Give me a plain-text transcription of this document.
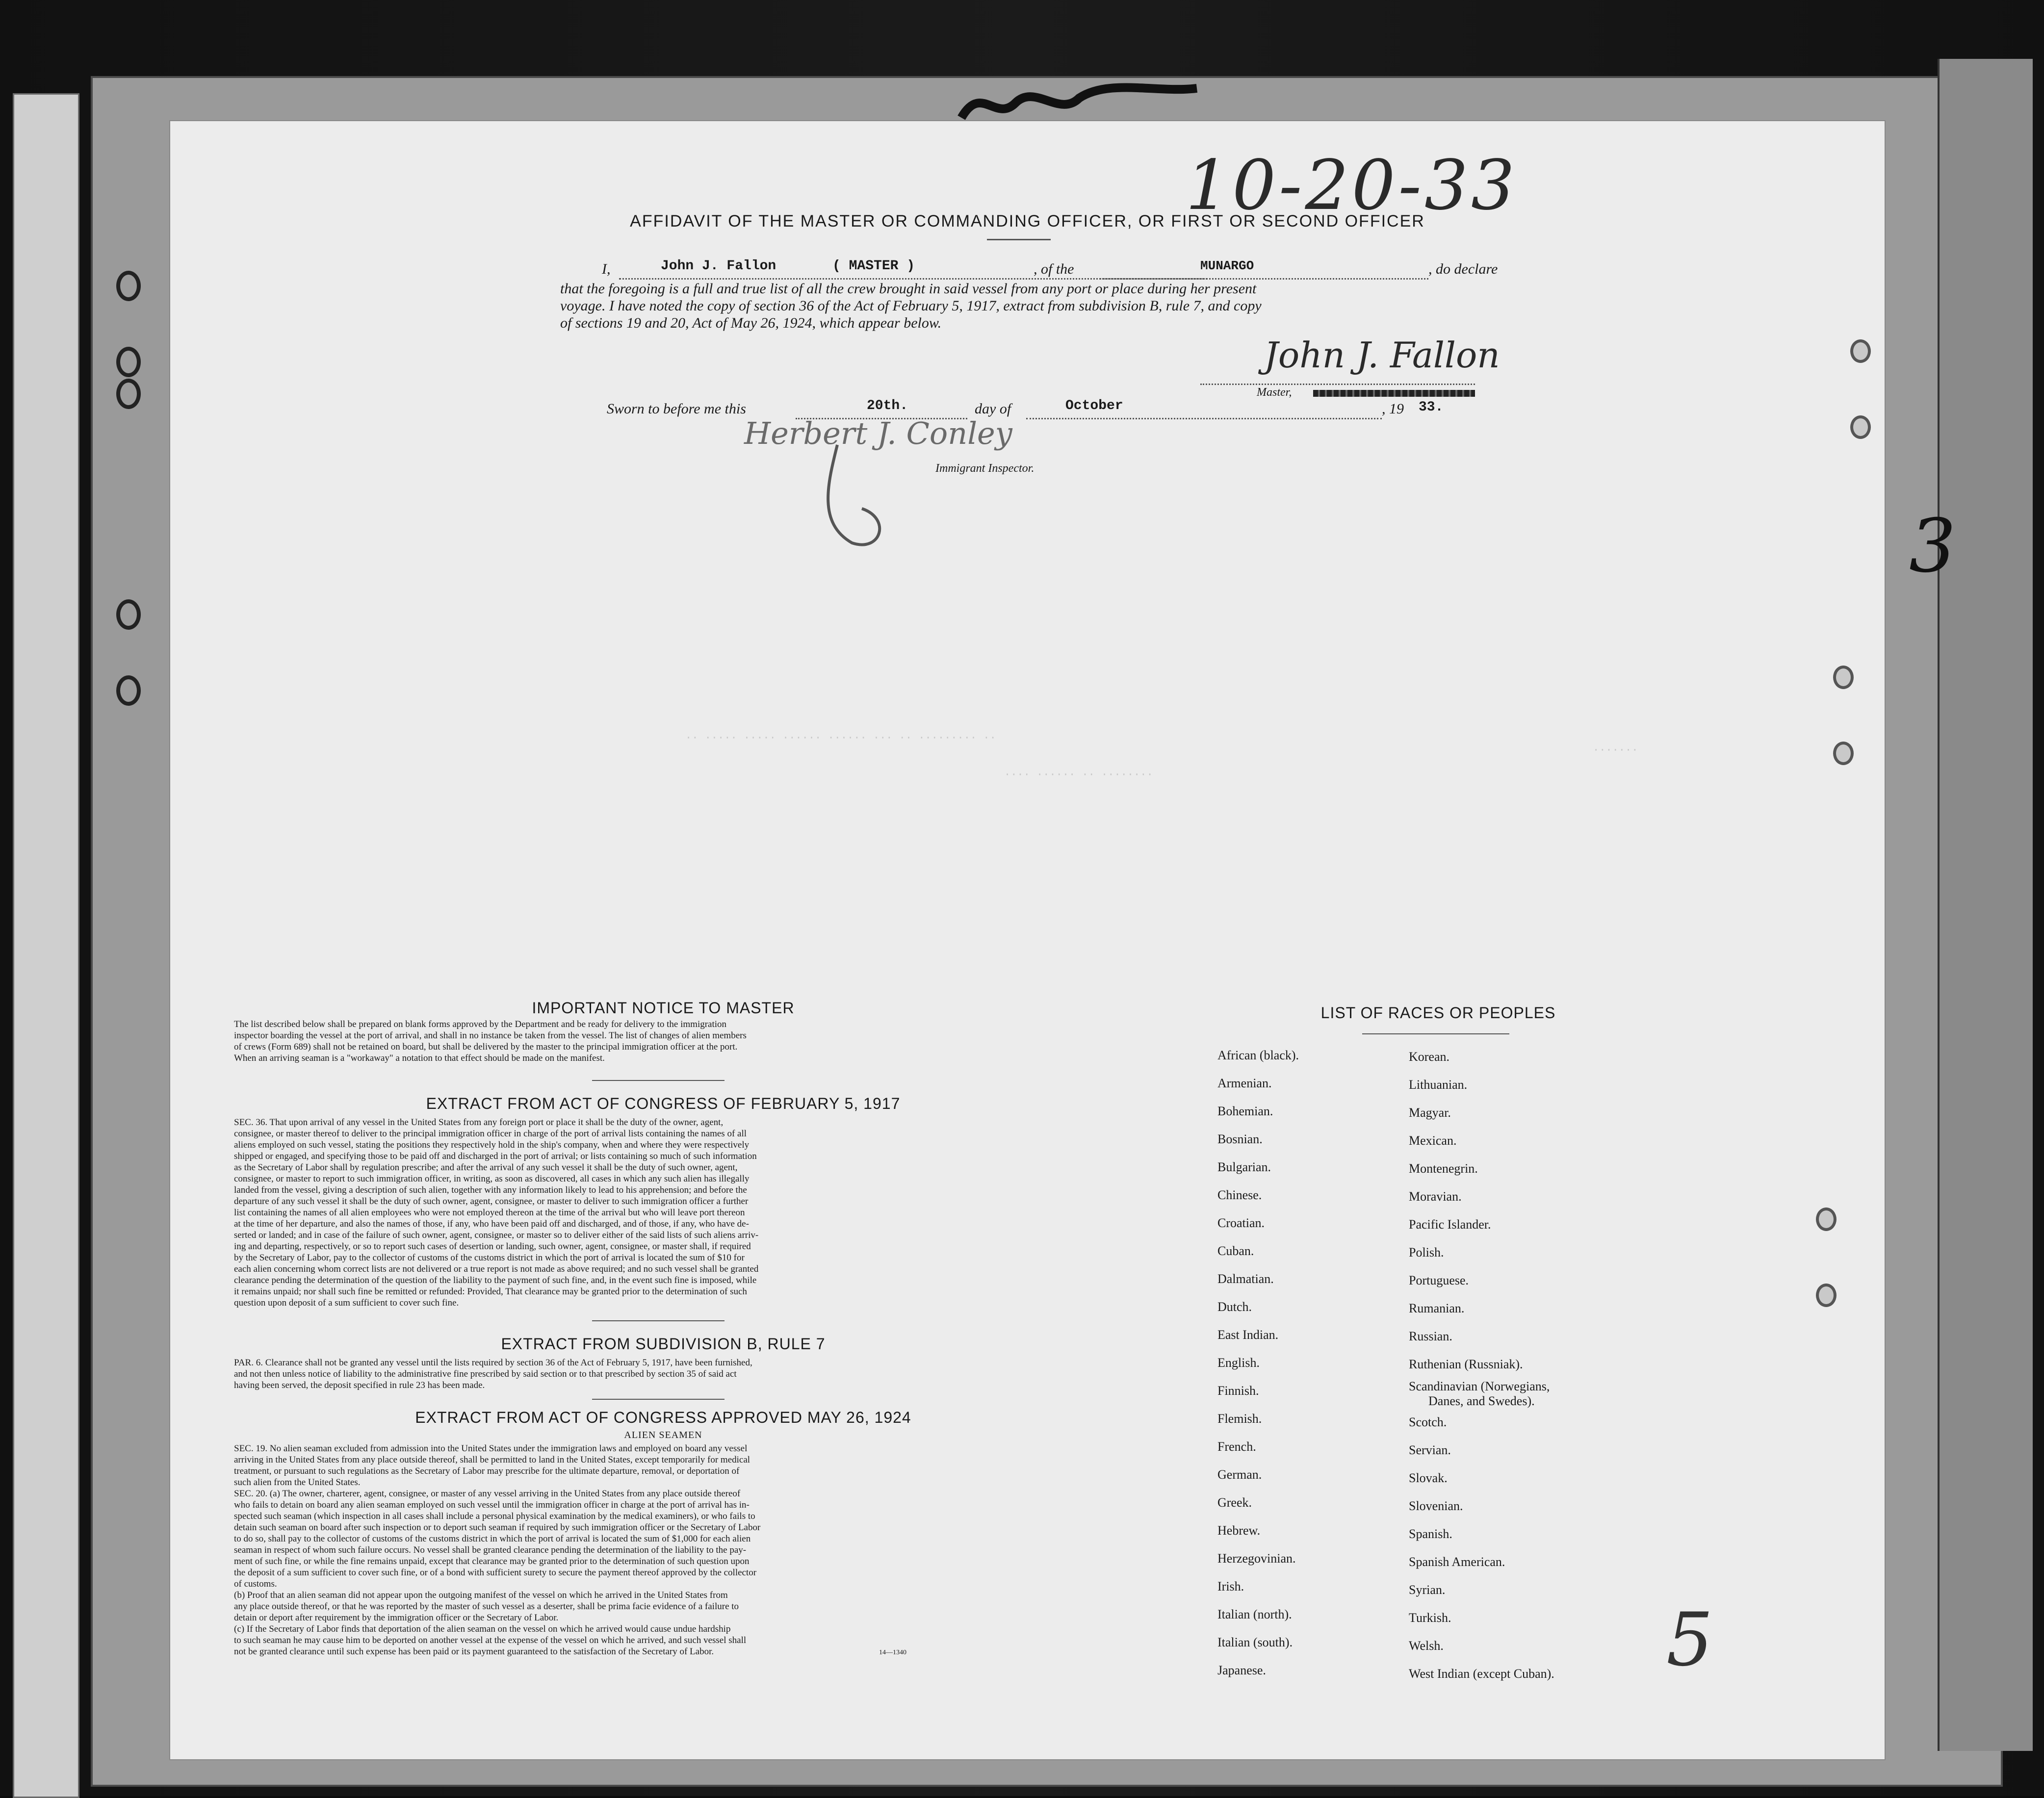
10-20-33
·· ····· ····· ······ ······ ··· ·· ········· ··
···· ······ ·· ········
·······
AFFIDAVIT OF THE MASTER OR COMMANDING OFFICER, OR FIRST OR SECOND OFFICER
I,	John J. Fallon	( MASTER )	, of the	MUNARGO	, do declare
that the foregoing is a full and true list of all the crew brought in said vessel from any port or place during her present
voyage. I have noted the copy of section 36 of the Act of February 5, 1917, extract from subdivision B, rule 7, and copy
of sections 19 and 20, Act of May 26, 1924, which appear below.
John J. Fallon
Master,
Sworn to before me this	20th.	day of	October	, 19 33.
Herbert J. Conley
Immigrant Inspector.
3
IMPORTANT NOTICE TO MASTER
The list described below shall be prepared on blank forms approved by the Department and be ready for delivery to the immigration
inspector boarding the vessel at the port of arrival, and shall in no instance be taken from the vessel. The list of changes of alien members
of crews (Form 689) shall not be retained on board, but shall be delivered by the master to the principal immigration officer at the port.
When an arriving seaman is a "workaway" a notation to that effect should be made on the manifest.
EXTRACT FROM ACT OF CONGRESS OF FEBRUARY 5, 1917
SEC. 36. That upon arrival of any vessel in the United States from any foreign port or place it shall be the duty of the owner, agent,
consignee, or master thereof to deliver to the principal immigration officer in charge of the port of arrival lists containing the names of all
aliens employed on such vessel, stating the positions they respectively hold in the ship's company, when and where they were respectively
shipped or engaged, and specifying those to be paid off and discharged in the port of arrival; or lists containing so much of such information
as the Secretary of Labor shall by regulation prescribe; and after the arrival of any such vessel it shall be the duty of such owner, agent,
consignee, or master to report to such immigration officer, in writing, as soon as discovered, all cases in which any such alien has illegally
landed from the vessel, giving a description of such alien, together with any information likely to lead to his apprehension; and before the
departure of any such vessel it shall be the duty of such owner, agent, consignee, or master to deliver to such immigration officer a further
list containing the names of all alien employees who were not employed thereon at the time of the arrival but who will leave port thereon
at the time of her departure, and also the names of those, if any, who have been paid off and discharged, and of those, if any, who have de-
serted or landed; and in case of the failure of such owner, agent, consignee, or master so to deliver either of the said lists of such aliens arriv-
ing and departing, respectively, or so to report such cases of desertion or landing, such owner, agent, consignee, or master shall, if required
by the Secretary of Labor, pay to the collector of customs of the customs district in which the port of arrival is located the sum of $10 for
each alien concerning whom correct lists are not delivered or a true report is not made as above required; and no such vessel shall be granted
clearance pending the determination of the question of the liability to the payment of such fine, and, in the event such fine is imposed, while
it remains unpaid; nor shall such fine be remitted or refunded: Provided, That clearance may be granted prior to the determination of such
question upon deposit of a sum sufficient to cover such fine.
EXTRACT FROM SUBDIVISION B, RULE 7
PAR. 6. Clearance shall not be granted any vessel until the lists required by section 36 of the Act of February 5, 1917, have been furnished,
and not then unless notice of liability to the administrative fine prescribed by said section or to that prescribed by section 35 of said act
having been served, the deposit specified in rule 23 has been made.
EXTRACT FROM ACT OF CONGRESS APPROVED MAY 26, 1924
ALIEN SEAMEN
SEC. 19. No alien seaman excluded from admission into the United States under the immigration laws and employed on board any vessel
arriving in the United States from any place outside thereof, shall be permitted to land in the United States, except temporarily for medical
treatment, or pursuant to such regulations as the Secretary of Labor may prescribe for the ultimate departure, removal, or deportation of
such alien from the United States.
SEC. 20. (a) The owner, charterer, agent, consignee, or master of any vessel arriving in the United States from any place outside thereof
who fails to detain on board any alien seaman employed on such vessel until the immigration officer in charge at the port of arrival has in-
spected such seaman (which inspection in all cases shall include a personal physical examination by the medical examiners), or who fails to
detain such seaman on board after such inspection or to deport such seaman if required by such immigration officer or the Secretary of Labor
to do so, shall pay to the collector of customs of the customs district in which the port of arrival is located the sum of $1,000 for each alien
seaman in respect of whom such failure occurs. No vessel shall be granted clearance pending the determination of the liability to the pay-
ment of such fine, or while the fine remains unpaid, except that clearance may be granted prior to the determination of such question upon
the deposit of a sum sufficient to cover such fine, or of a bond with sufficient surety to secure the payment thereof approved by the collector
of customs.
(b) Proof that an alien seaman did not appear upon the outgoing manifest of the vessel on which he arrived in the United States from
any place outside thereof, or that he was reported by the master of such vessel as a deserter, shall be prima facie evidence of a failure to
detain or deport after requirement by the immigration officer or the Secretary of Labor.
(c) If the Secretary of Labor finds that deportation of the alien seaman on the vessel on which he arrived would cause undue hardship
to such seaman he may cause him to be deported on another vessel at the expense of the vessel on which he arrived, and such vessel shall
not be granted clearance until such expense has been paid or its payment guaranteed to the satisfaction of the Secretary of Labor.	14—1340
LIST OF RACES OR PEOPLES
African (black).
Armenian.
Bohemian.
Bosnian.
Bulgarian.
Chinese.
Croatian.
Cuban.
Dalmatian.
Dutch.
East Indian.
English.
Finnish.
Flemish.
French.
German.
Greek.
Hebrew.
Herzegovinian.
Irish.
Italian (north).
Italian (south).
Japanese.
Korean.
Lithuanian.
Magyar.
Mexican.
Montenegrin.
Moravian.
Pacific Islander.
Polish.
Portuguese.
Rumanian.
Russian.
Ruthenian (Russniak).
Scandinavian (Norwegians,
Danes, and Swedes).
Scotch.
Servian.
Slovak.
Slovenian.
Spanish.
Spanish American.
Syrian.
Turkish.
Welsh.
West Indian (except Cuban). 5
